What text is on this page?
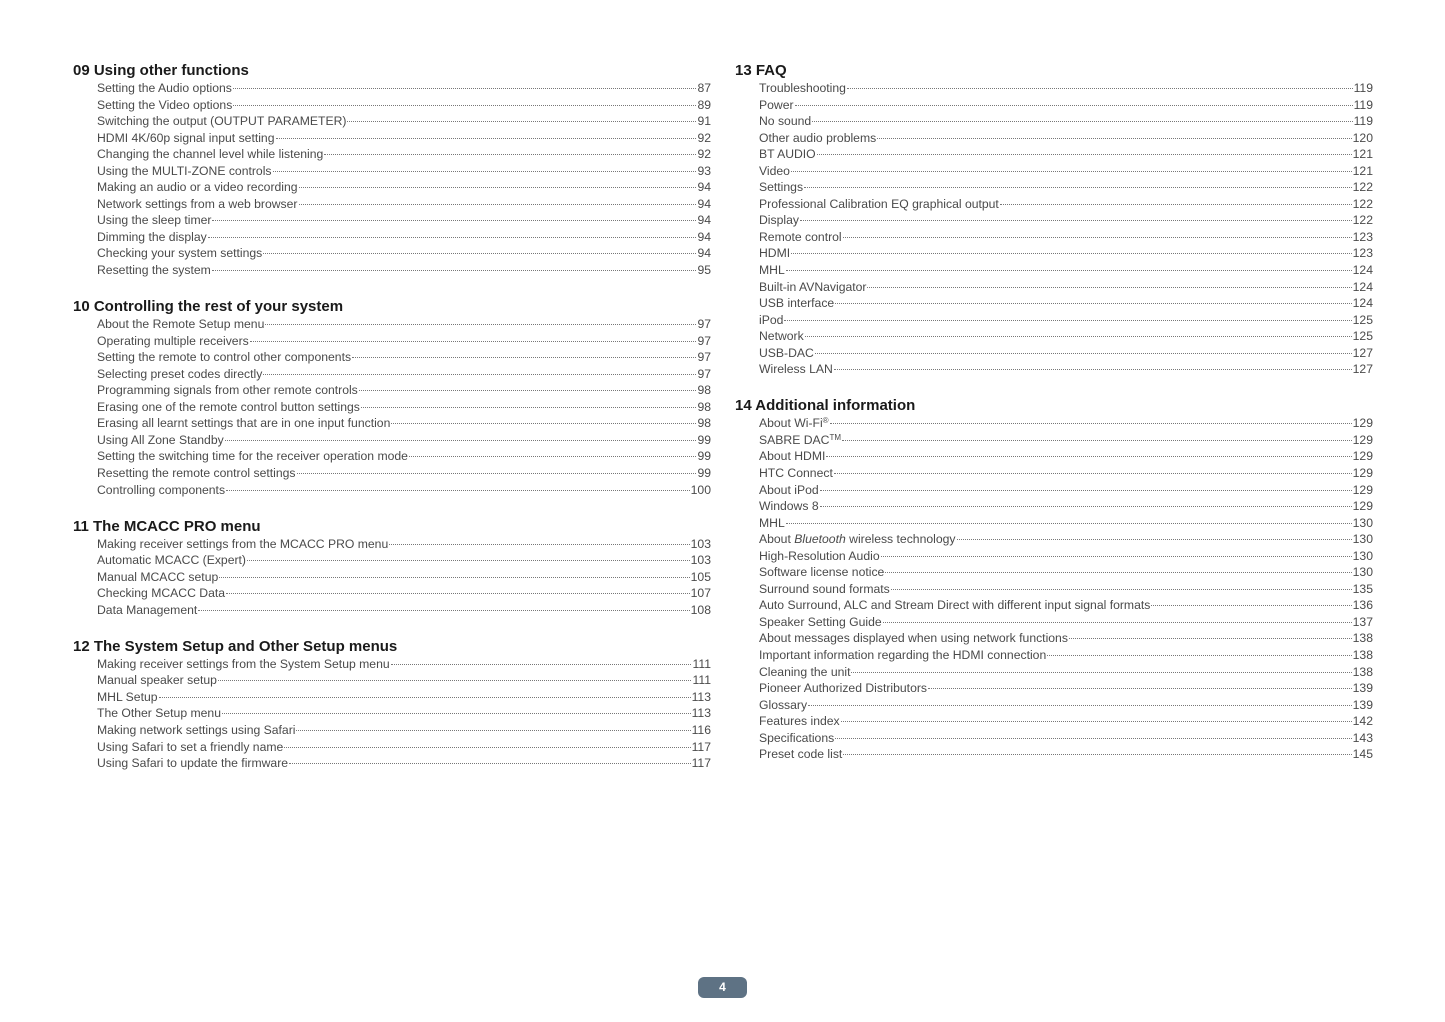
09 Using other functions
Setting the Audio options	87
Setting the Video options	89
Switching the output (OUTPUT PARAMETER)	91
HDMI 4K/60p signal input setting	92
Changing the channel level while listening	92
Using the MULTI-ZONE controls	93
Making an audio or a video recording	94
Network settings from a web browser	94
Using the sleep timer	94
Dimming the display	94
Checking your system settings	94
Resetting the system	95
10 Controlling the rest of your system
About the Remote Setup menu	97
Operating multiple receivers	97
Setting the remote to control other components	97
Selecting preset codes directly	97
Programming signals from other remote controls	98
Erasing one of the remote control button settings	98
Erasing all learnt settings that are in one input function	98
Using All Zone Standby	99
Setting the switching time for the receiver operation mode	99
Resetting the remote control settings	99
Controlling components	100
11 The MCACC PRO menu
Making receiver settings from the MCACC PRO menu	103
Automatic MCACC (Expert)	103
Manual MCACC setup	105
Checking MCACC Data	107
Data Management	108
12 The System Setup and Other Setup menus
Making receiver settings from the System Setup menu	111
Manual speaker setup	111
MHL Setup	113
The Other Setup menu	113
Making network settings using Safari	116
Using Safari to set a friendly name	117
Using Safari to update the firmware	117
13 FAQ
Troubleshooting	119
Power	119
No sound	119
Other audio problems	120
BT AUDIO	121
Video	121
Settings	122
Professional Calibration EQ graphical output	122
Display	122
Remote control	123
HDMI	123
MHL	124
Built-in AVNavigator	124
USB interface	124
iPod	125
Network	125
USB-DAC	127
Wireless LAN	127
14 Additional information
About Wi-Fi®	129
SABRE DAC™	129
About HDMI	129
HTC Connect	129
About iPod	129
Windows 8	129
MHL	130
About Bluetooth wireless technology	130
High-Resolution Audio	130
Software license notice	130
Surround sound formats	135
Auto Surround, ALC and Stream Direct with different input signal formats	136
Speaker Setting Guide	137
About messages displayed when using network functions	138
Important information regarding the HDMI connection	138
Cleaning the unit	138
Pioneer Authorized Distributors	139
Glossary	139
Features index	142
Specifications	143
Preset code list	145
4
